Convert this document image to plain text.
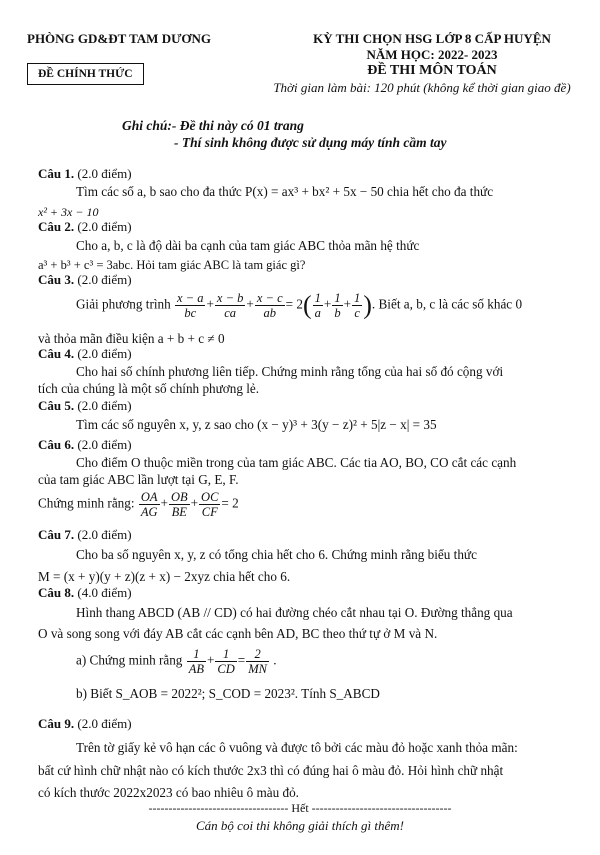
PHÒNG GD&ĐT TAM DƯƠNG
ĐỀ CHÍNH THỨC
KỲ THI CHỌN HSG LỚP 8 CẤP HUYỆN
NĂM HỌC: 2022- 2023
ĐỀ THI MÔN TOÁN
Thời gian làm bài: 120 phút (không kể thời gian giao đề)
Ghi chú:- Đề thi này có 01 trang
- Thí sinh không được sử dụng máy tính cầm tay
Câu 1. (2.0 điểm)
Tìm các số a, b sao cho đa thức P(x) = ax³ + bx² + 5x − 50 chia hết cho đa thức
x² + 3x − 10
Câu 2. (2.0 điểm)
Cho a, b, c là độ dài ba cạnh của tam giác ABC thỏa mãn hệ thức
a³ + b³ + c³ = 3abc. Hỏi tam giác ABC là tam giác gì?
Câu 3. (2.0 điểm)
Giải phương trình $\frac{x - a}{bc} + \frac{x - b}{ca} + \frac{x - c}{ab} = 2( \frac{1}{a} + \frac{1}{b} + \frac{1}{c}$ ). Biết a, b, c là các số khác 0
và thỏa mãn điều kiện a + b + c ≠ 0
Câu 4. (2.0 điểm)
Cho hai số chính phương liên tiếp. Chứng minh rằng tổng của hai số đó cộng với
tích của chúng là một số chính phương lẻ.
Câu 5. (2.0 điểm)
Tìm các số nguyên x, y, z sao cho (x − y)³ + 3(y − z)² + 5|z − x| = 35
Câu 6. (2.0 điểm)
Cho điểm O thuộc miền trong của tam giác ABC. Các tia AO, BO, CO cắt các cạnh
của tam giác ABC lần lượt tại G, E, F.
Chứng minh rằng: $\frac{OA}{AG} + \frac{OB}{BE} + \frac{OC}{CF} = 2$
Câu 7. (2.0 điểm)
Cho ba số nguyên x, y, z có tổng chia hết cho 6. Chứng minh rằng biểu thức
M = (x + y)(y + z)(z + x) − 2xyz chia hết cho 6.
Câu 8. (4.0 điểm)
Hình thang ABCD (AB // CD) có hai đường chéo cắt nhau tại O. Đường thẳng qua
O và song song với đáy AB cắt các cạnh bên AD, BC theo thứ tự ở M và N.
a) Chứng minh rằng $\frac{1}{AB} + \frac{1}{CD} = \frac{2}{MN}$ .
b) Biết S_AOB = 2022²; S_COD = 2023². Tính S_ABCD
Câu 9. (2.0 điểm)
Trên tờ giấy kẻ vô hạn các ô vuông và được tô bởi các màu đỏ hoặc xanh thỏa mãn:
bất cứ hình chữ nhật nào có kích thước 2x3 thì có đúng hai ô màu đỏ. Hỏi hình chữ nhật
có kích thước 2022x2023 có bao nhiêu ô màu đỏ.
----------------------------------- Hết -----------------------------------
Cán bộ coi thi không giải thích gì thêm!
